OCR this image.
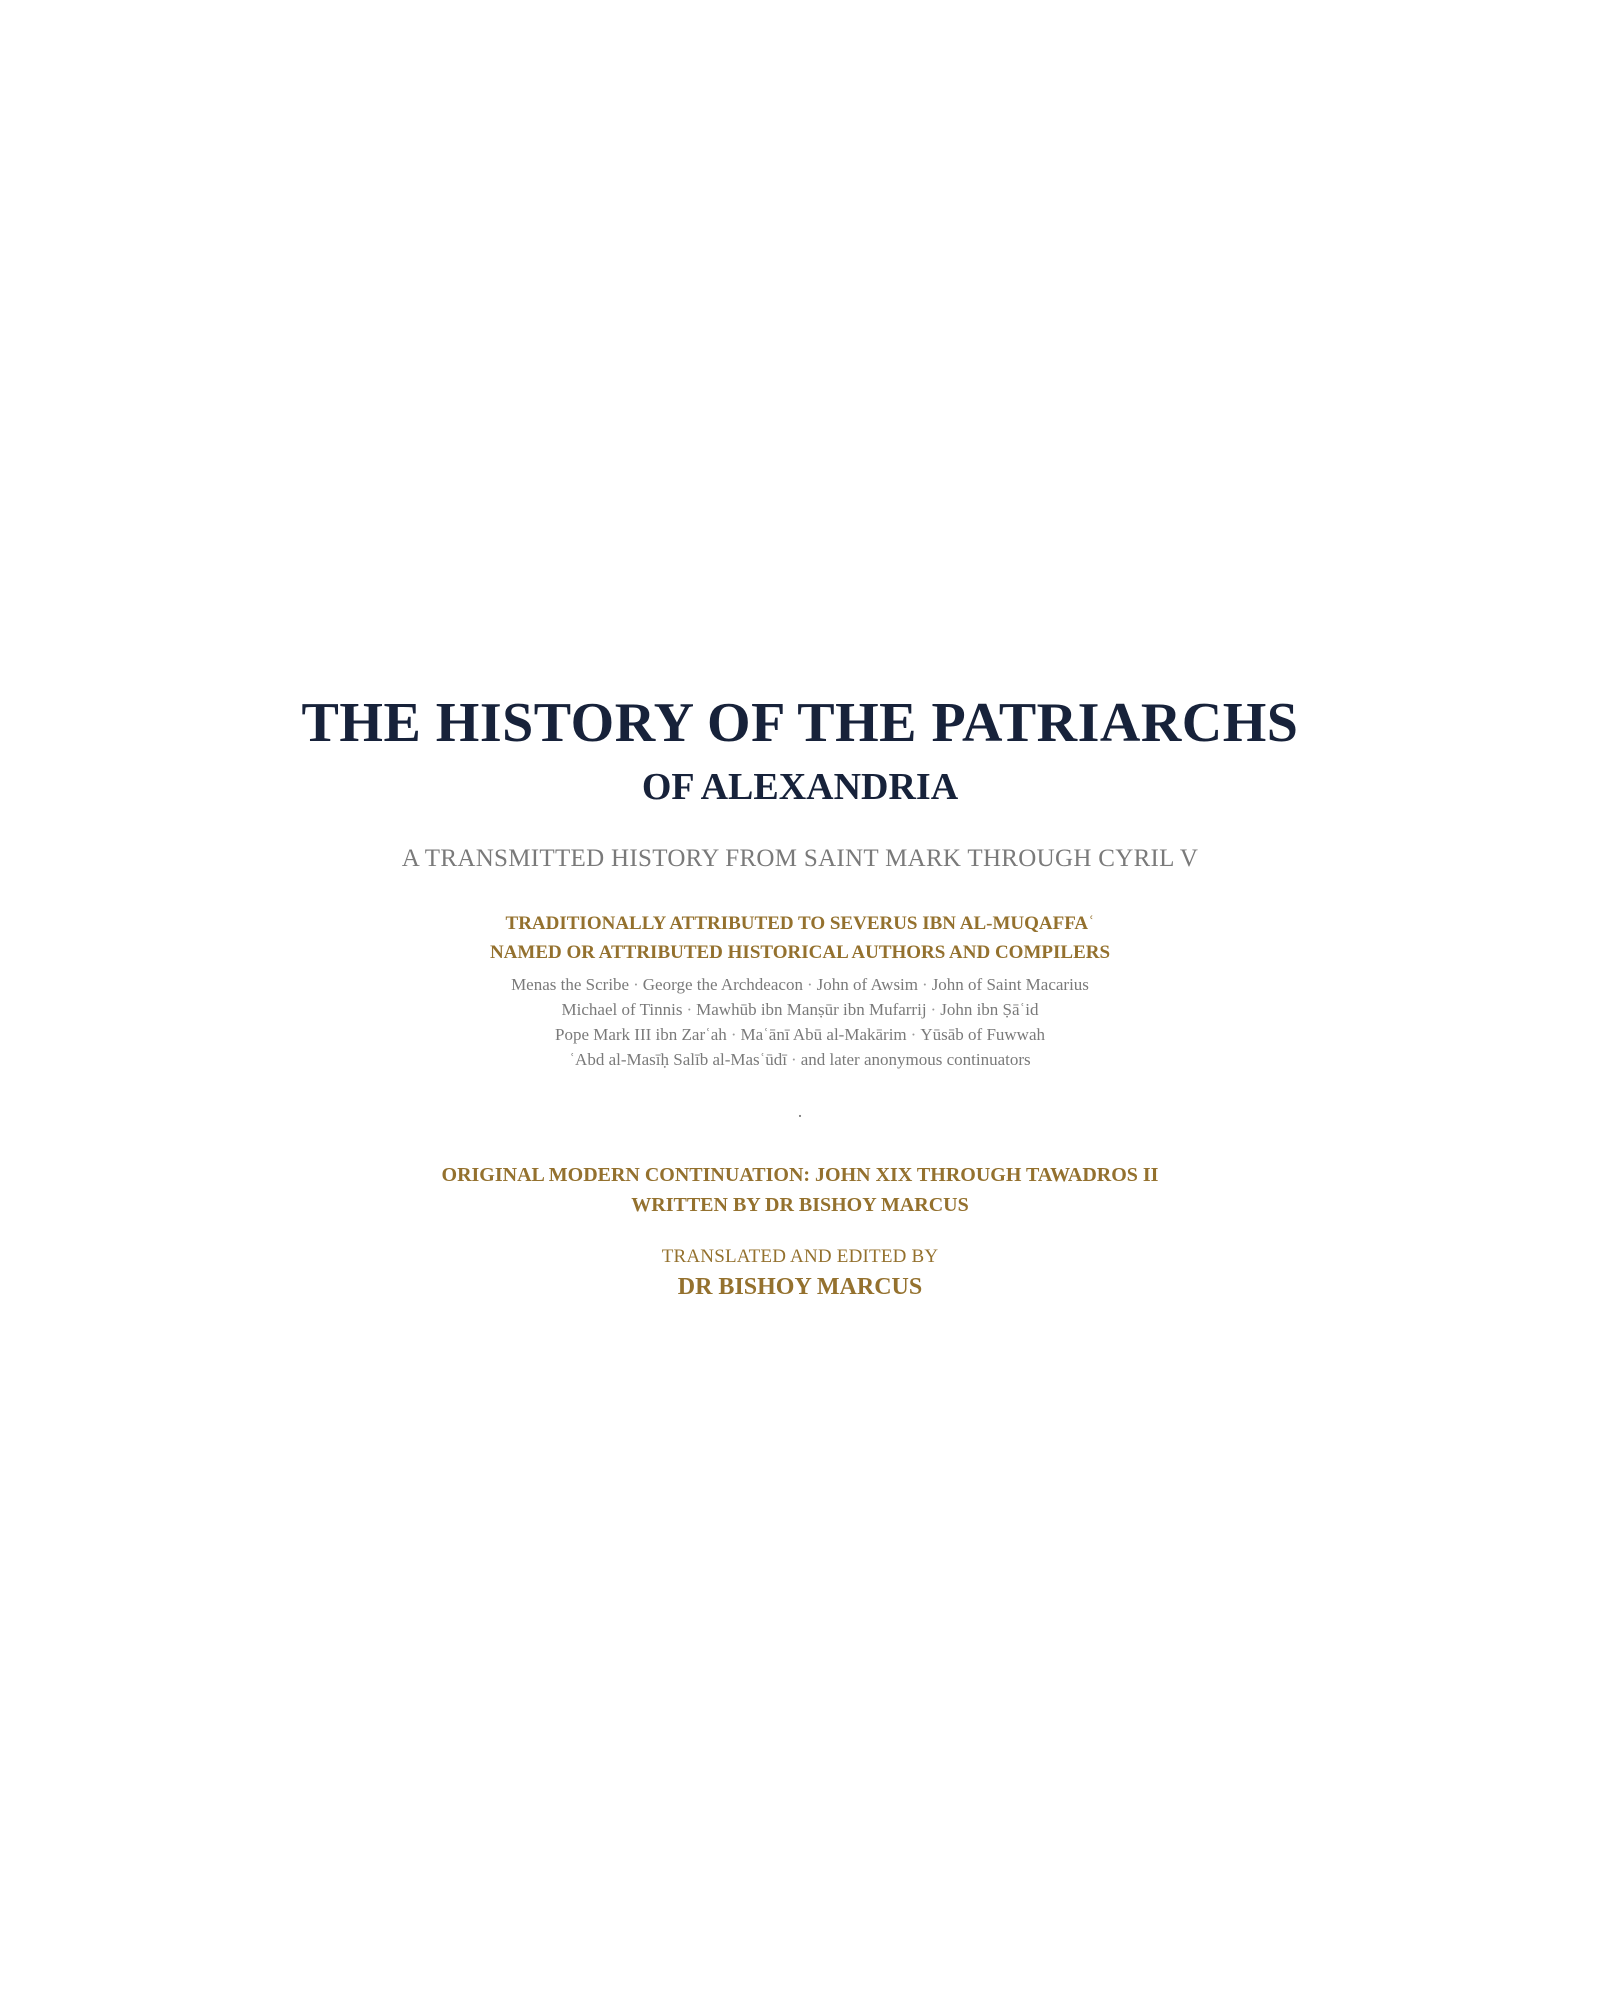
THE HISTORY OF THE PATRIARCHS
OF ALEXANDRIA
A TRANSMITTED HISTORY FROM SAINT MARK THROUGH CYRIL V
TRADITIONALLY ATTRIBUTED TO SEVERUS IBN AL-MUQAFFAʿ
NAMED OR ATTRIBUTED HISTORICAL AUTHORS AND COMPILERS
Menas the Scribe · George the Archdeacon · John of Awsim · John of Saint Macarius
Michael of Tinnis · Mawhūb ibn Manṣūr ibn Mufarrij · John ibn Ṣāʿid
Pope Mark III ibn Zarʿah · Maʿānī Abū al-Makārim · Yūsāb of Fuwwah
ʿAbd al-Masīḥ Salīb al-Masʿūdī · and later anonymous continuators
.
ORIGINAL MODERN CONTINUATION: JOHN XIX THROUGH TAWADROS II
WRITTEN BY DR BISHOY MARCUS
TRANSLATED AND EDITED BY
DR BISHOY MARCUS
